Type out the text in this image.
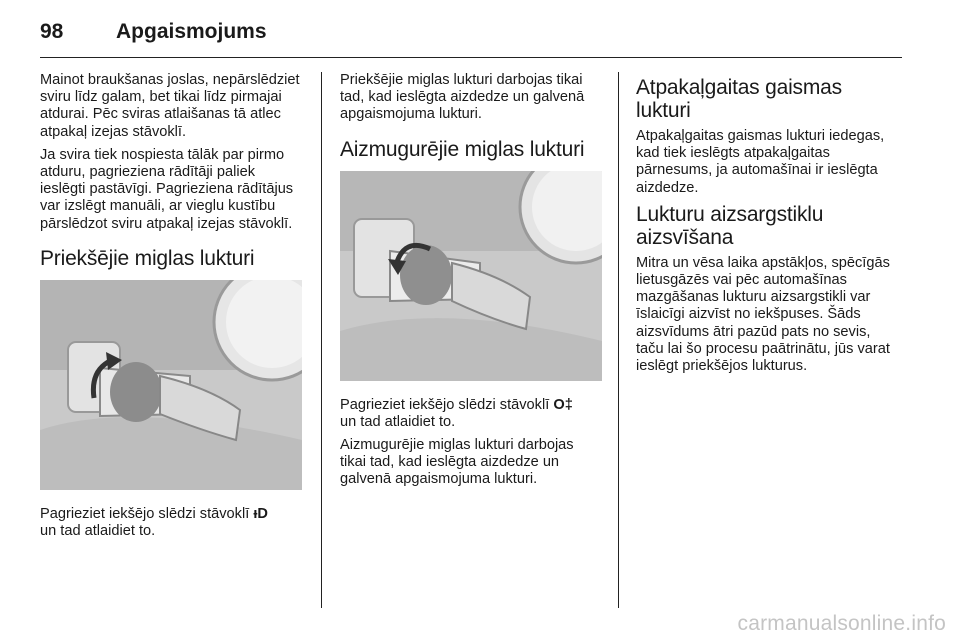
98	Apgaismojums

Mainot braukšanas joslas, nepārslēdziet sviru līdz galam, bet tikai līdz pirmajai atdurai. Pēc sviras atlaišanas tā atlec atpakaļ izejas stāvoklī.

Ja svira tiek nospiesta tālāk par pirmo atduru, pagrieziena rādītāji paliek ieslēgti pastāvīgi. Pagrieziena rādītājus var izslēgt manuāli, ar vieglu kustību pārslēdzot sviru atpakaļ izejas stāvoklī.

Priekšējie miglas lukturi

Pagrieziet iekšējo slēdzi stāvoklī ᵻD
un tad atlaidiet to.

Priekšējie miglas lukturi darbojas tikai tad, kad ieslēgta aizdedze un galvenā apgaismojuma lukturi.

Aizmugurējie miglas lukturi

Pagrieziet iekšējo slēdzi stāvoklī O‡
un tad atlaidiet to.

Aizmugurējie miglas lukturi darbojas tikai tad, kad ieslēgta aizdedze un galvenā apgaismojuma lukturi.

Atpakaļgaitas gaismas lukturi

Atpakaļgaitas gaismas lukturi iedegas, kad tiek ieslēgts atpakaļgaitas pārnesums, ja automašīnai ir ieslēgta aizdedze.

Lukturu aizsargstiklu aizsvīšana

Mitra un vēsa laika apstākļos, spēcīgās lietusgāzēs vai pēc automašīnas mazgāšanas lukturu aizsargstikli var īslaicīgi aizvīst no iekšpuses. Šāds aizsvīdums ātri pazūd pats no sevis, taču lai šo procesu paātrinātu, jūs varat ieslēgt priekšējos lukturus.

carmanualsonline.info
